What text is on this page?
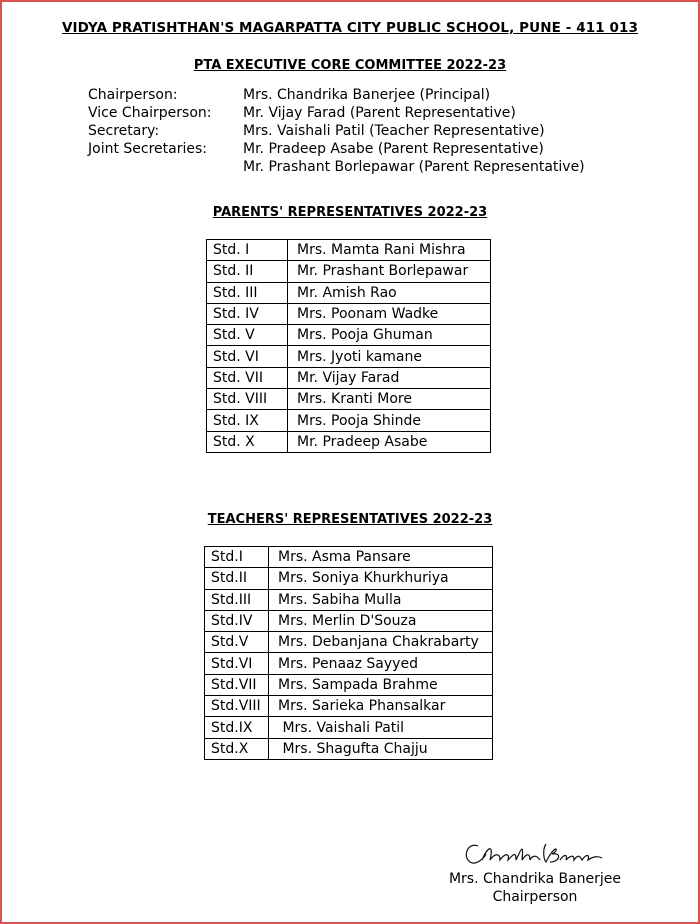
VIDYA PRATISHTHAN'S MAGARPATTA CITY PUBLIC SCHOOL, PUNE - 411 013
PTA EXECUTIVE CORE COMMITTEE 2022-23
Chairperson:	Mrs. Chandrika Banerjee (Principal)
Vice Chairperson:	Mr. Vijay Farad (Parent Representative)
Secretary:	Mrs. Vaishali Patil (Teacher Representative)
Joint Secretaries:	Mr. Pradeep Asabe (Parent Representative)
Mr. Prashant Borlepawar (Parent Representative)
PARENTS' REPRESENTATIVES 2022-23
Std. I	Mrs. Mamta Rani Mishra
Std. II	Mr. Prashant Borlepawar
Std. III	Mr. Amish Rao
Std. IV	Mrs. Poonam Wadke
Std. V	Mrs. Pooja Ghuman
Std. VI	Mrs. Jyoti kamane
Std. VII	Mr. Vijay Farad
Std. VIII	Mrs. Kranti More
Std. IX	Mrs. Pooja Shinde
Std. X	Mr. Pradeep Asabe
TEACHERS' REPRESENTATIVES 2022-23
Std.I	Mrs. Asma Pansare
Std.II	Mrs. Soniya Khurkhuriya
Std.III	Mrs. Sabiha Mulla
Std.IV	Mrs. Merlin D'Souza
Std.V	Mrs. Debanjana Chakrabarty
Std.VI	Mrs. Penaaz Sayyed
Std.VII	Mrs. Sampada Brahme
Std.VIII	Mrs. Sarieka Phansalkar
Std.IX	Mrs. Vaishali Patil
Std.X	Mrs. Shagufta Chajju
Chandrika Banerjee
Mrs. Chandrika Banerjee
Chairperson
